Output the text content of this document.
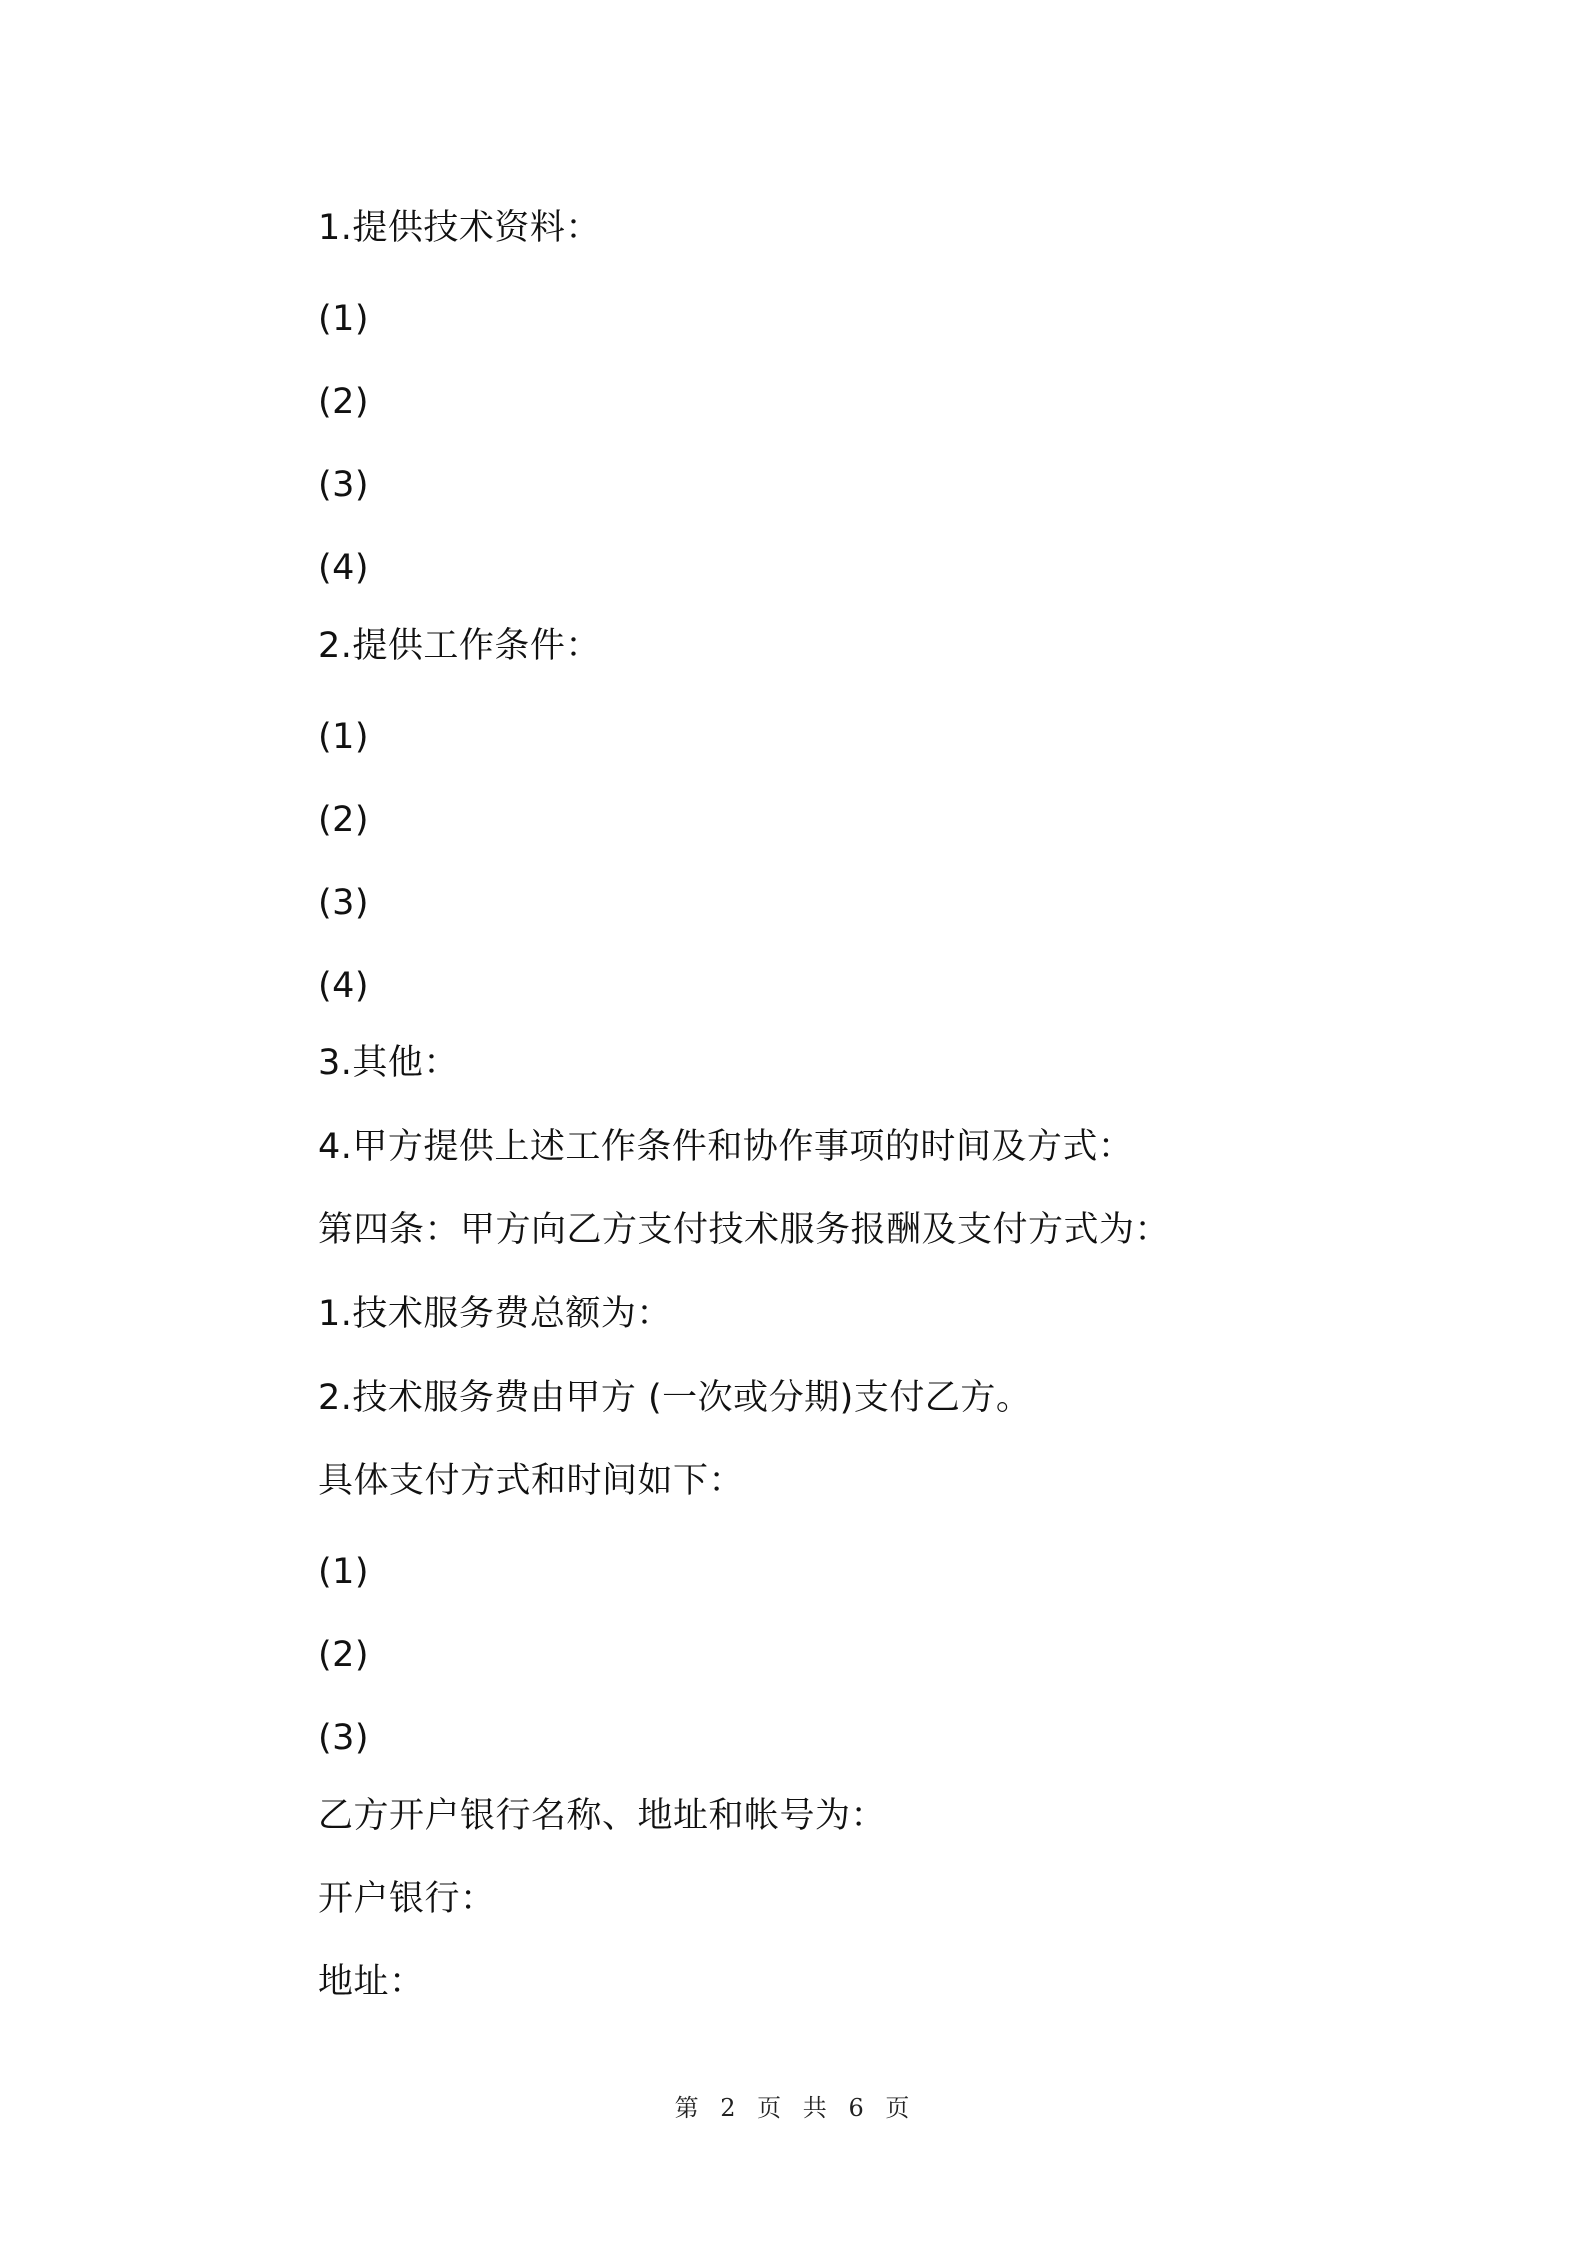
1.提供技术资料：
(1)
(2)
(3)
(4)
2.提供工作条件：
(1)
(2)
(3)
(4)
3.其他：
4.甲方提供上述工作条件和协作事项的时间及方式：
第四条：甲方向乙方支付技术服务报酬及支付方式为：
1.技术服务费总额为：
2.技术服务费由甲方 (一次或分期)支付乙方。
具体支付方式和时间如下：
(1)
(2)
(3)
乙方开户银行名称、地址和帐号为：
开户银行：
地址：
第 2 页 共 6 页
